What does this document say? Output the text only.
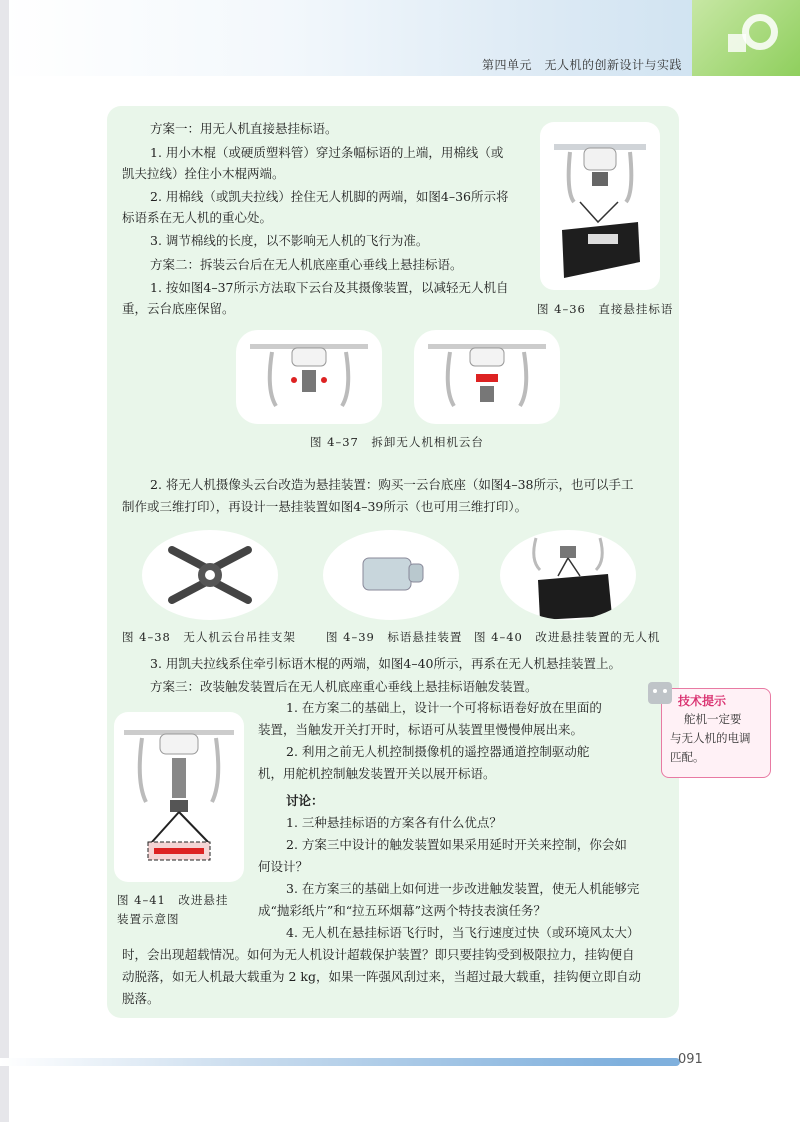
第四单元　无人机的创新设计与实践
方案一：用无人机直接悬挂标语。
1. 用小木棍（或硬质塑料管）穿过条幅标语的上端，用棉线（或
凯夫拉线）拴住小木棍两端。
2. 用棉线（或凯夫拉线）拴住无人机脚的两端，如图4–36所示将
标语系在无人机的重心处。
3. 调节棉线的长度，以不影响无人机的飞行为准。
方案二：拆装云台后在无人机底座重心垂线上悬挂标语。
1. 按如图4–37所示方法取下云台及其摄像装置，以减轻无人机自
重，云台底座保留。	图 4–36　直接悬挂标语
图 4–37　拆卸无人机相机云台
2. 将无人机摄像头云台改造为悬挂装置：购买一云台底座（如图4–38所示，也可以手工
制作或三维打印），再设计一悬挂装置如图4–39所示（也可用三维打印）。
图 4–38　无人机云台吊挂支架	图 4–39　标语悬挂装置 图 4–40　改进悬挂装置的无人机
3. 用凯夫拉线系住牵引标语木棍的两端，如图4–40所示，再系在无人机悬挂装置上。
方案三：改装触发装置后在无人机底座重心垂线上悬挂标语触发装置。
图 4–41　改进悬挂
装置示意图
1. 在方案二的基础上，设计一个可将标语卷好放在里面的
装置，当触发开关打开时，标语可从装置里慢慢伸展出来。
2. 利用之前无人机控制摄像机的遥控器通道控制驱动舵
机，用舵机控制触发装置开关以展开标语。
讨论：
1. 三种悬挂标语的方案各有什么优点？
2. 方案三中设计的触发装置如果采用延时开关来控制，你会如
何设计？
3. 在方案三的基础上如何进一步改进触发装置，使无人机能够完
成“抛彩纸片”和“拉五环烟幕”这两个特技表演任务？
4. 无人机在悬挂标语飞行时，当飞行速度过快（或环境风太大）
时，会出现超载情况。如何为无人机设计超载保护装置？即只要挂钩受到极限拉力，挂钩便自
动脱落，如无人机最大载重为 2 kg，如果一阵强风刮过来，当超过最大载重，挂钩便立即自动
脱落。
技术提示
舵机一定要
与无人机的电调
匹配。
091
